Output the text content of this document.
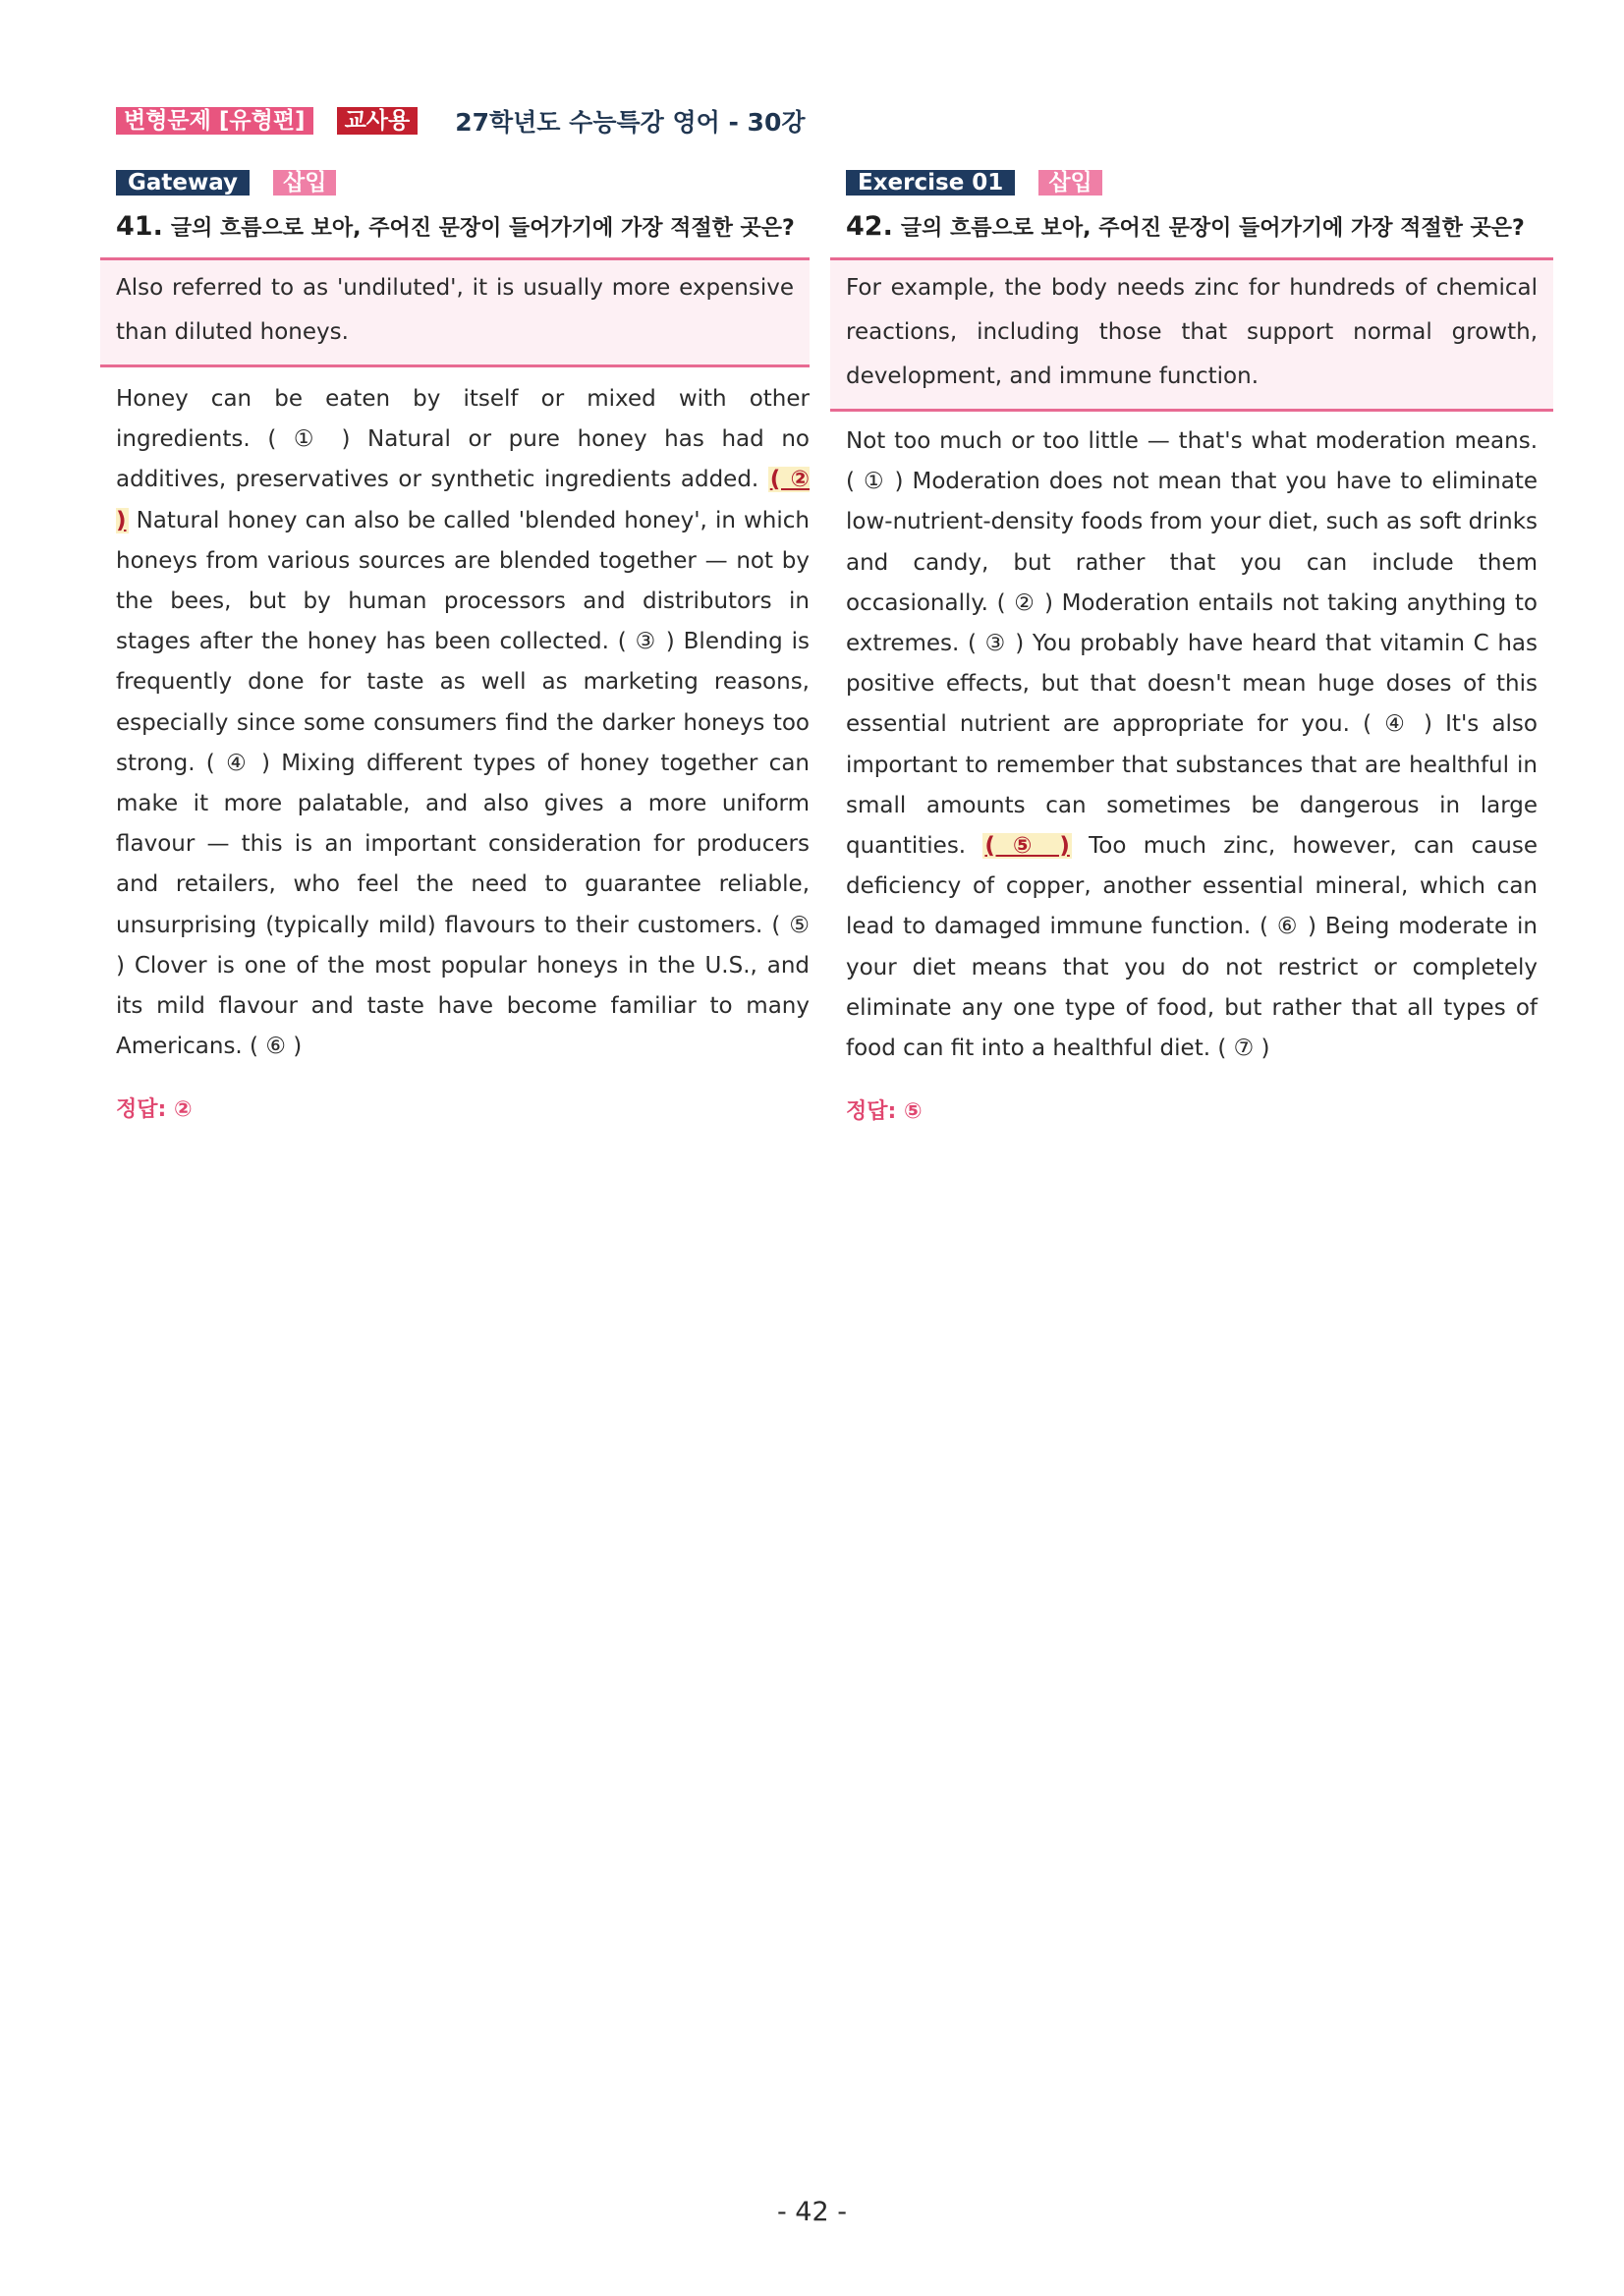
변형문제 [유형편]	교사용	27학년도 수능특강 영어 - 30강
Gateway	삽입
41. 글의 흐름으로 보아, 주어진 문장이 들어가기에 가장 적절한 곳은?
Also referred to as 'undiluted', it is usually more expensive than diluted honeys.
Honey can be eaten by itself or mixed with other ingredients. ( ① ) Natural or pure honey has had no additives, preservatives or synthetic ingredients added. ( ② ) Natural honey can also be called 'blended honey', in which honeys from various sources are blended together — not by the bees, but by human processors and distributors in stages after the honey has been collected. ( ③ ) Blending is frequently done for taste as well as marketing reasons, especially since some consumers find the darker honeys too strong. ( ④ ) Mixing different types of honey together can make it more palatable, and also gives a more uniform flavour — this is an important consideration for producers and retailers, who feel the need to guarantee reliable, unsurprising (typically mild) flavours to their customers. ( ⑤ ) Clover is one of the most popular honeys in the U.S., and its mild flavour and taste have become familiar to many Americans. ( ⑥ )
정답: ②
Exercise 01	삽입
42. 글의 흐름으로 보아, 주어진 문장이 들어가기에 가장 적절한 곳은?
For example, the body needs zinc for hundreds of chemical reactions, including those that support normal growth, development, and immune function.
Not too much or too little — that's what moderation means. ( ① ) Moderation does not mean that you have to eliminate low-nutrient-density foods from your diet, such as soft drinks and candy, but rather that you can include them occasionally. ( ② ) Moderation entails not taking anything to extremes. ( ③ ) You probably have heard that vitamin C has positive effects, but that doesn't mean huge doses of this essential nutrient are appropriate for you. ( ④ ) It's also important to remember that substances that are healthful in small amounts can sometimes be dangerous in large quantities. ( ⑤ ) Too much zinc, however, can cause deficiency of copper, another essential mineral, which can lead to damaged immune function. ( ⑥ ) Being moderate in your diet means that you do not restrict or completely eliminate any one type of food, but rather that all types of food can fit into a healthful diet. ( ⑦ )
정답: ⑤
- 42 -
